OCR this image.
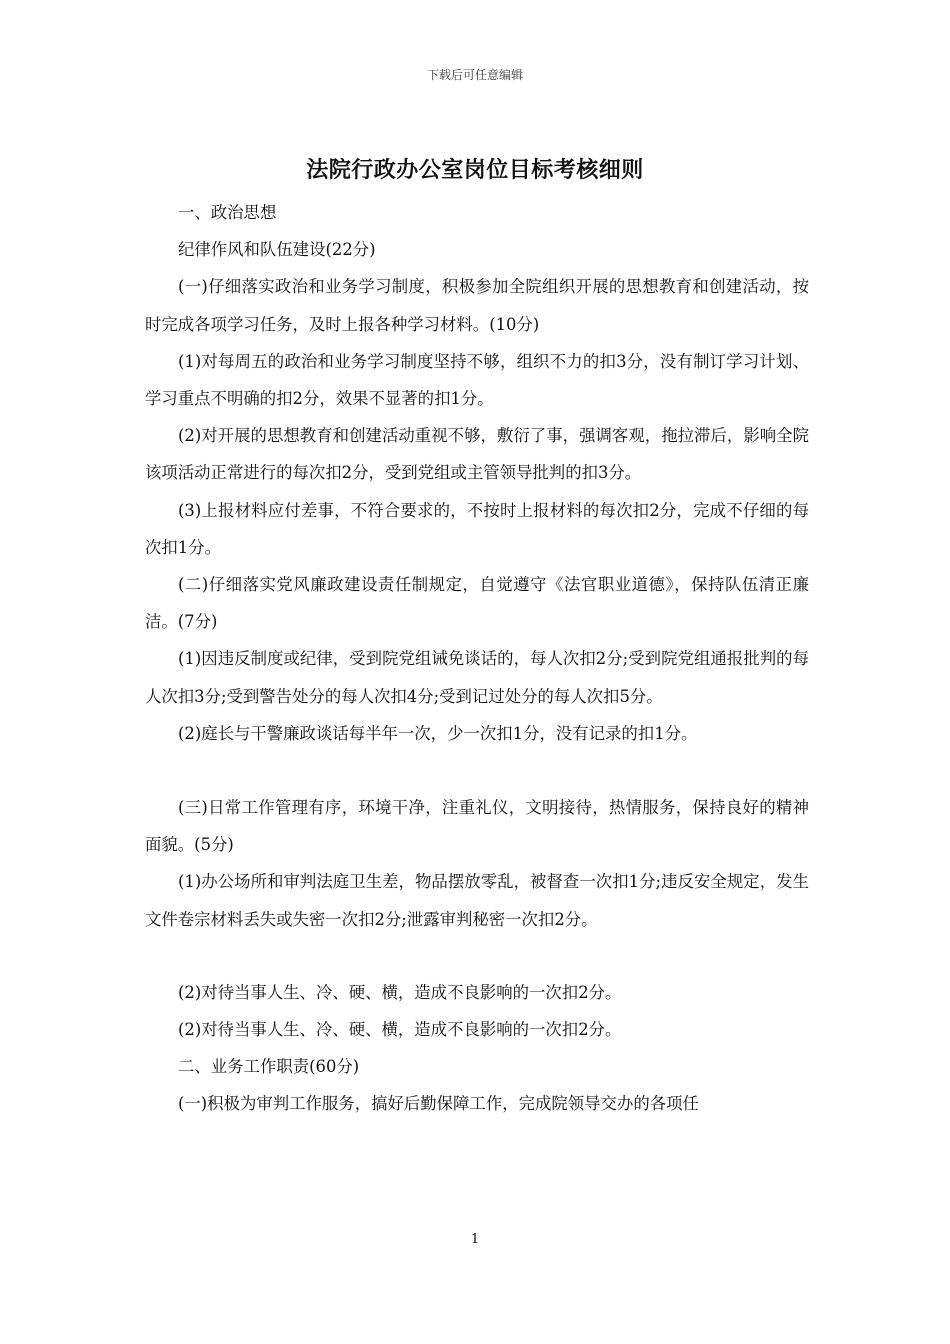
下载后可任意编辑
法院行政办公室岗位目标考核细则

一、政治思想

纪律作风和队伍建设(22分)

(一)仔细落实政治和业务学习制度，积极参加全院组织开展的思想教育和创建活动，按时完成各项学习任务，及时上报各种学习材料。(10分)

(1)对每周五的政治和业务学习制度坚持不够，组织不力的扣3分，没有制订学习计划、学习重点不明确的扣2分，效果不显著的扣1分。

(2)对开展的思想教育和创建活动重视不够，敷衍了事，强调客观，拖拉滞后，影响全院该项活动正常进行的每次扣2分，受到党组或主管领导批判的扣3分。

(3)上报材料应付差事，不符合要求的，不按时上报材料的每次扣2分，完成不仔细的每次扣1分。

(二)仔细落实党风廉政建设责任制规定，自觉遵守《法官职业道德》，保持队伍清正廉洁。(7分)

(1)因违反制度或纪律，受到院党组诫免谈话的，每人次扣2分;受到院党组通报批判的每人次扣3分;受到警告处分的每人次扣4分;受到记过处分的每人次扣5分。

(2)庭长与干警廉政谈话每半年一次，少一次扣1分，没有记录的扣1分。

(三)日常工作管理有序，环境干净，注重礼仪，文明接待，热情服务，保持良好的精神面貌。(5分)

(1)办公场所和审判法庭卫生差，物品摆放零乱，被督查一次扣1分;违反安全规定，发生文件卷宗材料丢失或失密一次扣2分;泄露审判秘密一次扣2分。

(2)对待当事人生、冷、硬、横，造成不良影响的一次扣2分。

(2)对待当事人生、冷、硬、横，造成不良影响的一次扣2分。

二、业务工作职责(60分)

(一)积极为审判工作服务，搞好后勤保障工作，完成院领导交办的各项任

1
